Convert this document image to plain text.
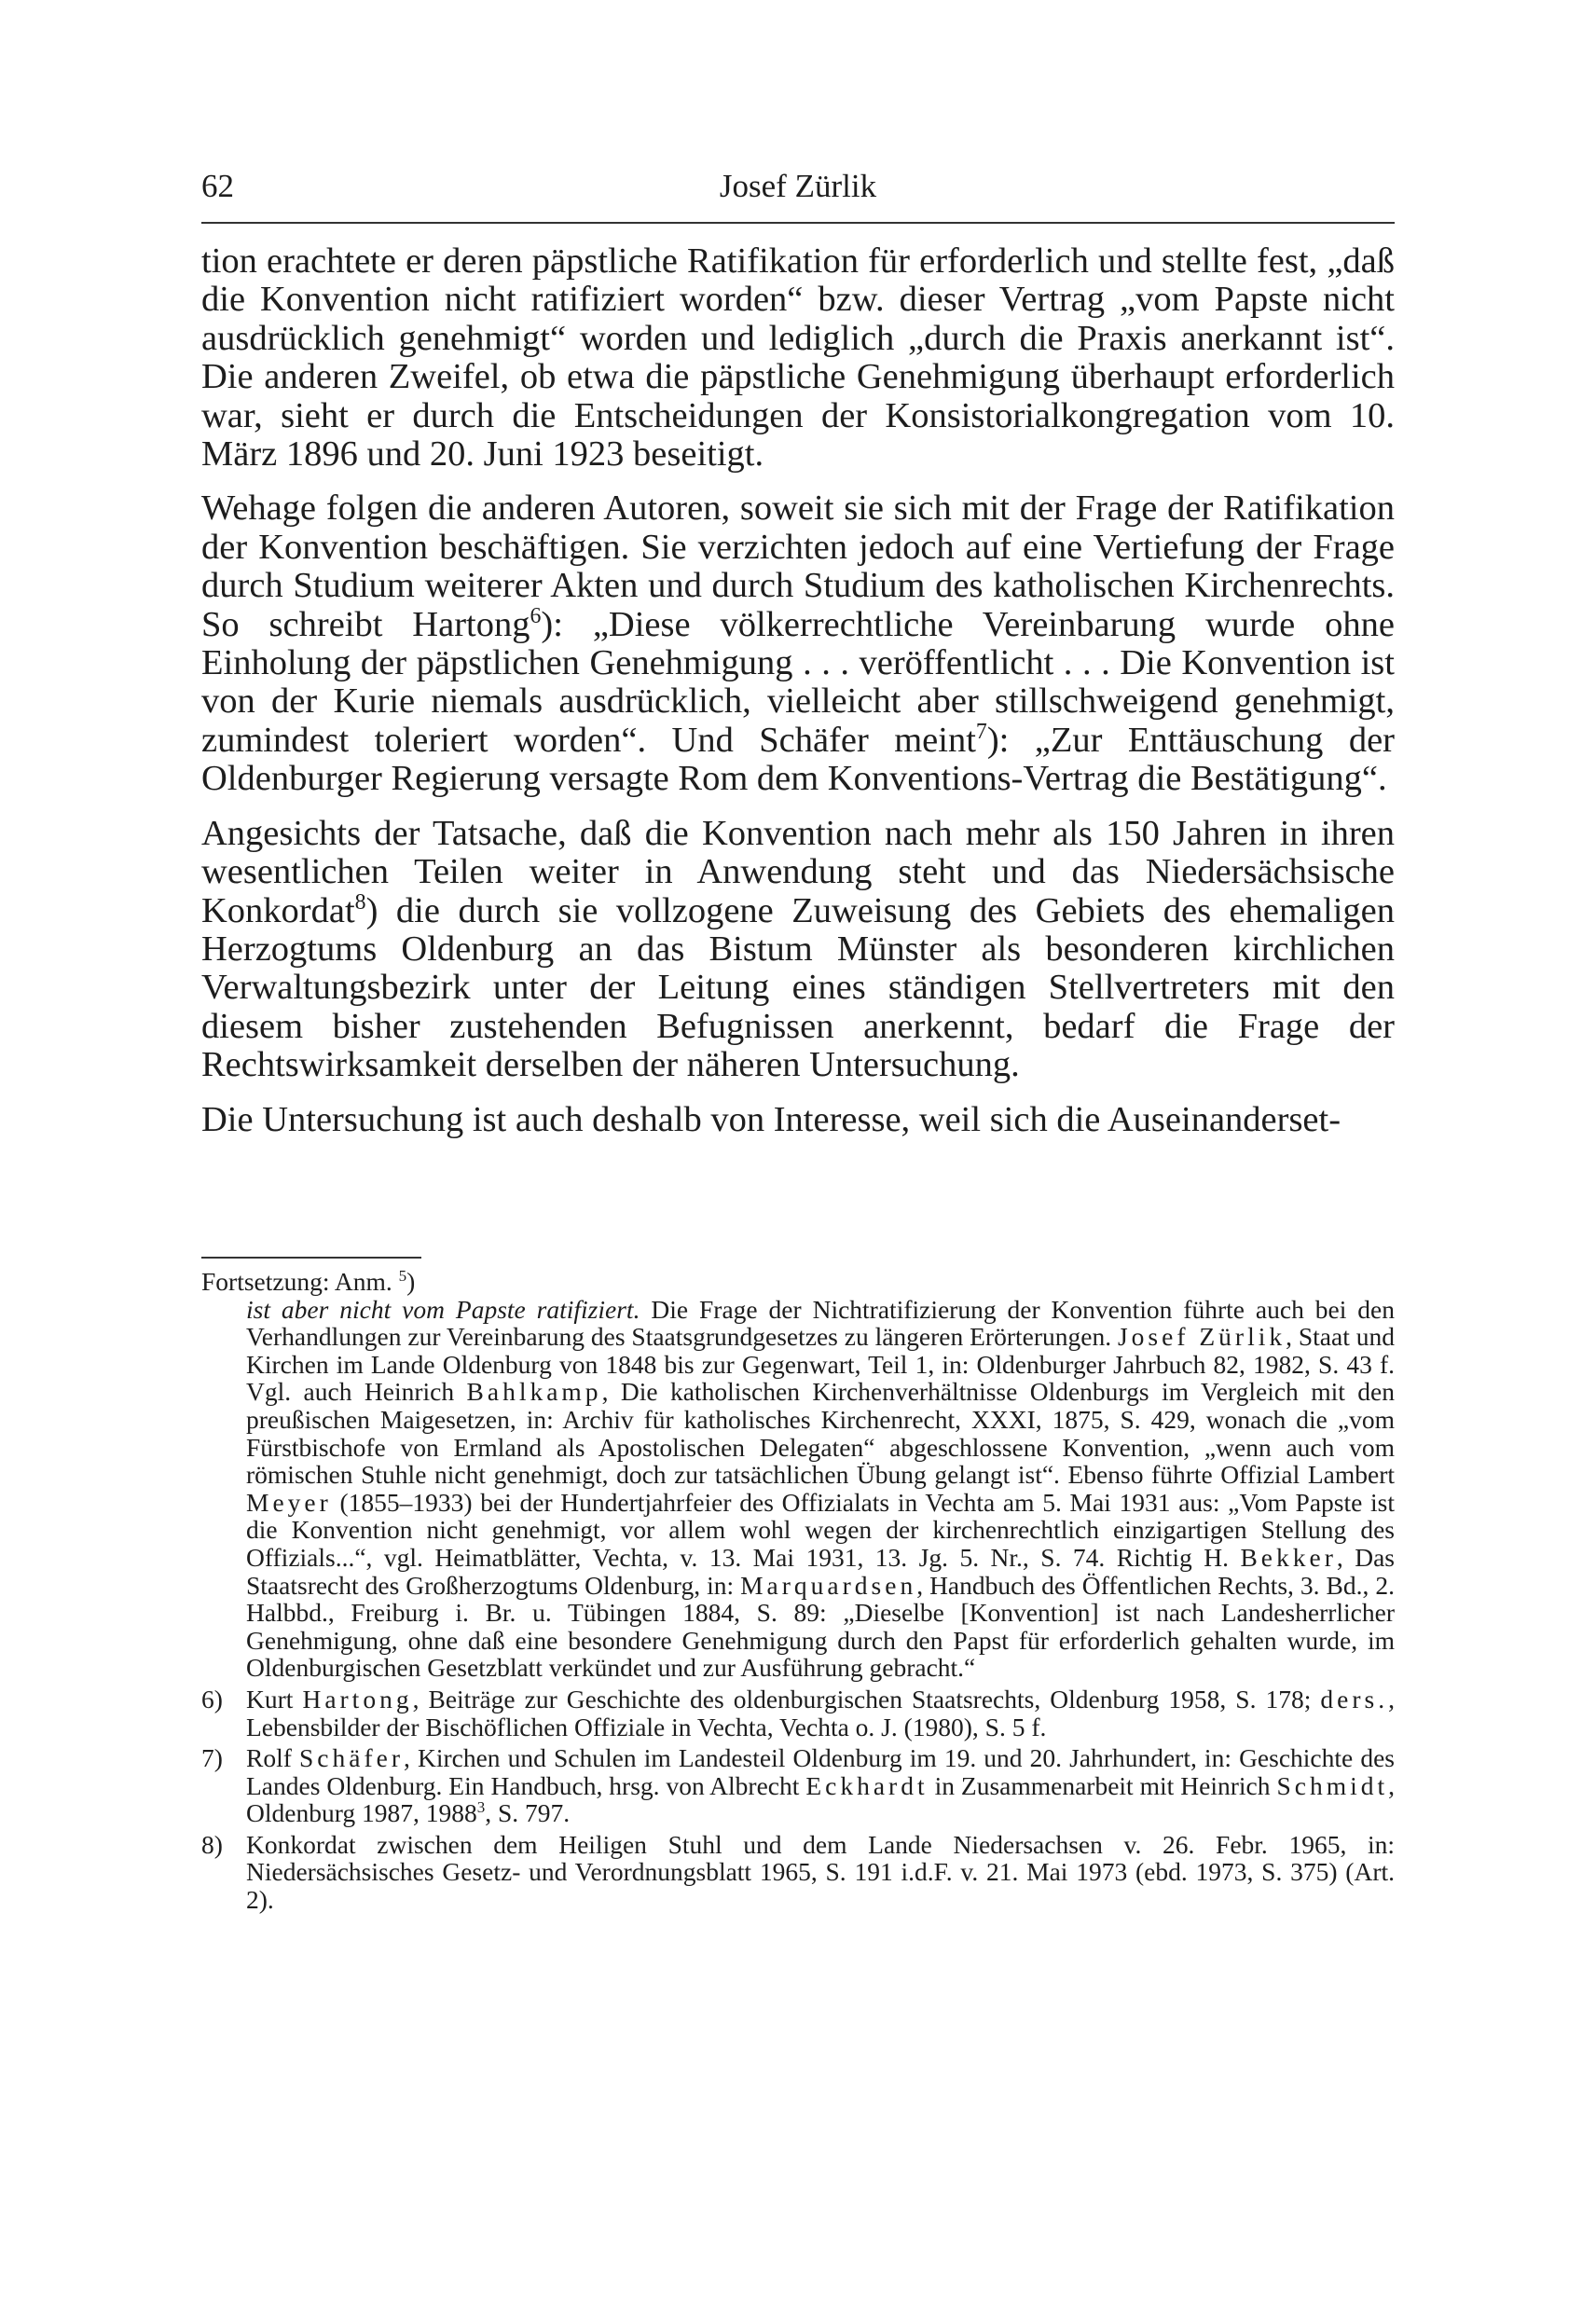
62	Josef Zürlik

tion erachtete er deren päpstliche Ratifikation für erforderlich und stellte fest, „daß die Konvention nicht ratifiziert worden“ bzw. dieser Vertrag „vom Papste nicht ausdrücklich genehmigt“ worden und lediglich „durch die Praxis anerkannt ist“. Die anderen Zweifel, ob etwa die päpstliche Genehmigung überhaupt erforderlich war, sieht er durch die Entscheidungen der Konsistorialkongregation vom 10. März 1896 und 20. Juni 1923 beseitigt.

Wehage folgen die anderen Autoren, soweit sie sich mit der Frage der Ratifikation der Konvention beschäftigen. Sie verzichten jedoch auf eine Vertiefung der Frage durch Studium weiterer Akten und durch Studium des katholischen Kirchenrechts. So schreibt Hartong$^6$): „Diese völkerrechtliche Vereinbarung wurde ohne Einholung der päpstlichen Genehmigung . . . veröffentlicht . . . Die Konvention ist von der Kurie niemals ausdrücklich, vielleicht aber stillschweigend genehmigt, zumindest toleriert worden“. Und Schäfer meint$^7$): „Zur Enttäuschung der Oldenburger Regierung versagte Rom dem Konventions-Vertrag die Bestätigung“.

Angesichts der Tatsache, daß die Konvention nach mehr als 150 Jahren in ihren wesentlichen Teilen weiter in Anwendung steht und das Niedersächsische Konkordat$^8$) die durch sie vollzogene Zuweisung des Gebiets des ehemaligen Herzogtums Oldenburg an das Bistum Münster als besonderen kirchlichen Verwaltungsbezirk unter der Leitung eines ständigen Stellvertreters mit den diesem bisher zustehenden Befugnissen anerkennt, bedarf die Frage der Rechtswirksamkeit derselben der näheren Untersuchung.

Die Untersuchung ist auch deshalb von Interesse, weil sich die Auseinanderset-

Fortsetzung: Anm. $^5$)

ist aber nicht vom Papste ratifiziert. Die Frage der Nichtratifizierung der Konvention führte auch bei den Verhandlungen zur Vereinbarung des Staatsgrundgesetzes zu längeren Erörterungen. Josef Zürlik, Staat und Kirchen im Lande Oldenburg von 1848 bis zur Gegenwart, Teil 1, in: Oldenburger Jahrbuch 82, 1982, S. 43 f. Vgl. auch Heinrich Bahlkamp, Die katholischen Kirchenverhältnisse Oldenburgs im Vergleich mit den preußischen Maigesetzen, in: Archiv für katholisches Kirchenrecht, XXXI, 1875, S. 429, wonach die „vom Fürstbischofe von Ermland als Apostolischen Delegaten“ abgeschlossene Konvention, „wenn auch vom römischen Stuhle nicht genehmigt, doch zur tatsächlichen Übung gelangt ist“. Ebenso führte Offizial Lambert Meyer (1855–1933) bei der Hundertjahrfeier des Offizialats in Vechta am 5. Mai 1931 aus: „Vom Papste ist die Konvention nicht genehmigt, vor allem wohl wegen der kirchenrechtlich einzigartigen Stellung des Offizials...“, vgl. Heimatblätter, Vechta, v. 13. Mai 1931, 13. Jg. 5. Nr., S. 74. Richtig H. Bekker, Das Staatsrecht des Großherzogtums Oldenburg, in: Marquardsen, Handbuch des Öffentlichen Rechts, 3. Bd., 2. Halbbd., Freiburg i. Br. u. Tübingen 1884, S. 89: „Dieselbe [Konvention] ist nach Landesherrlicher Genehmigung, ohne daß eine besondere Genehmigung durch den Papst für erforderlich gehalten wurde, im Oldenburgischen Gesetzblatt verkündet und zur Ausführung gebracht.“

6) Kurt Hartong, Beiträge zur Geschichte des oldenburgischen Staatsrechts, Oldenburg 1958, S. 178; ders., Lebensbilder der Bischöflichen Offiziale in Vechta, Vechta o. J. (1980), S. 5 f.
7) Rolf Schäfer, Kirchen und Schulen im Landesteil Oldenburg im 19. und 20. Jahrhundert, in: Geschichte des Landes Oldenburg. Ein Handbuch, hrsg. von Albrecht Eckhardt in Zusammenarbeit mit Heinrich Schmidt, Oldenburg 1987, 1988$^3$, S. 797.
8) Konkordat zwischen dem Heiligen Stuhl und dem Lande Niedersachsen v. 26. Febr. 1965, in: Niedersächsisches Gesetz- und Verordnungsblatt 1965, S. 191 i.d.F. v. 21. Mai 1973 (ebd. 1973, S. 375) (Art. 2).
